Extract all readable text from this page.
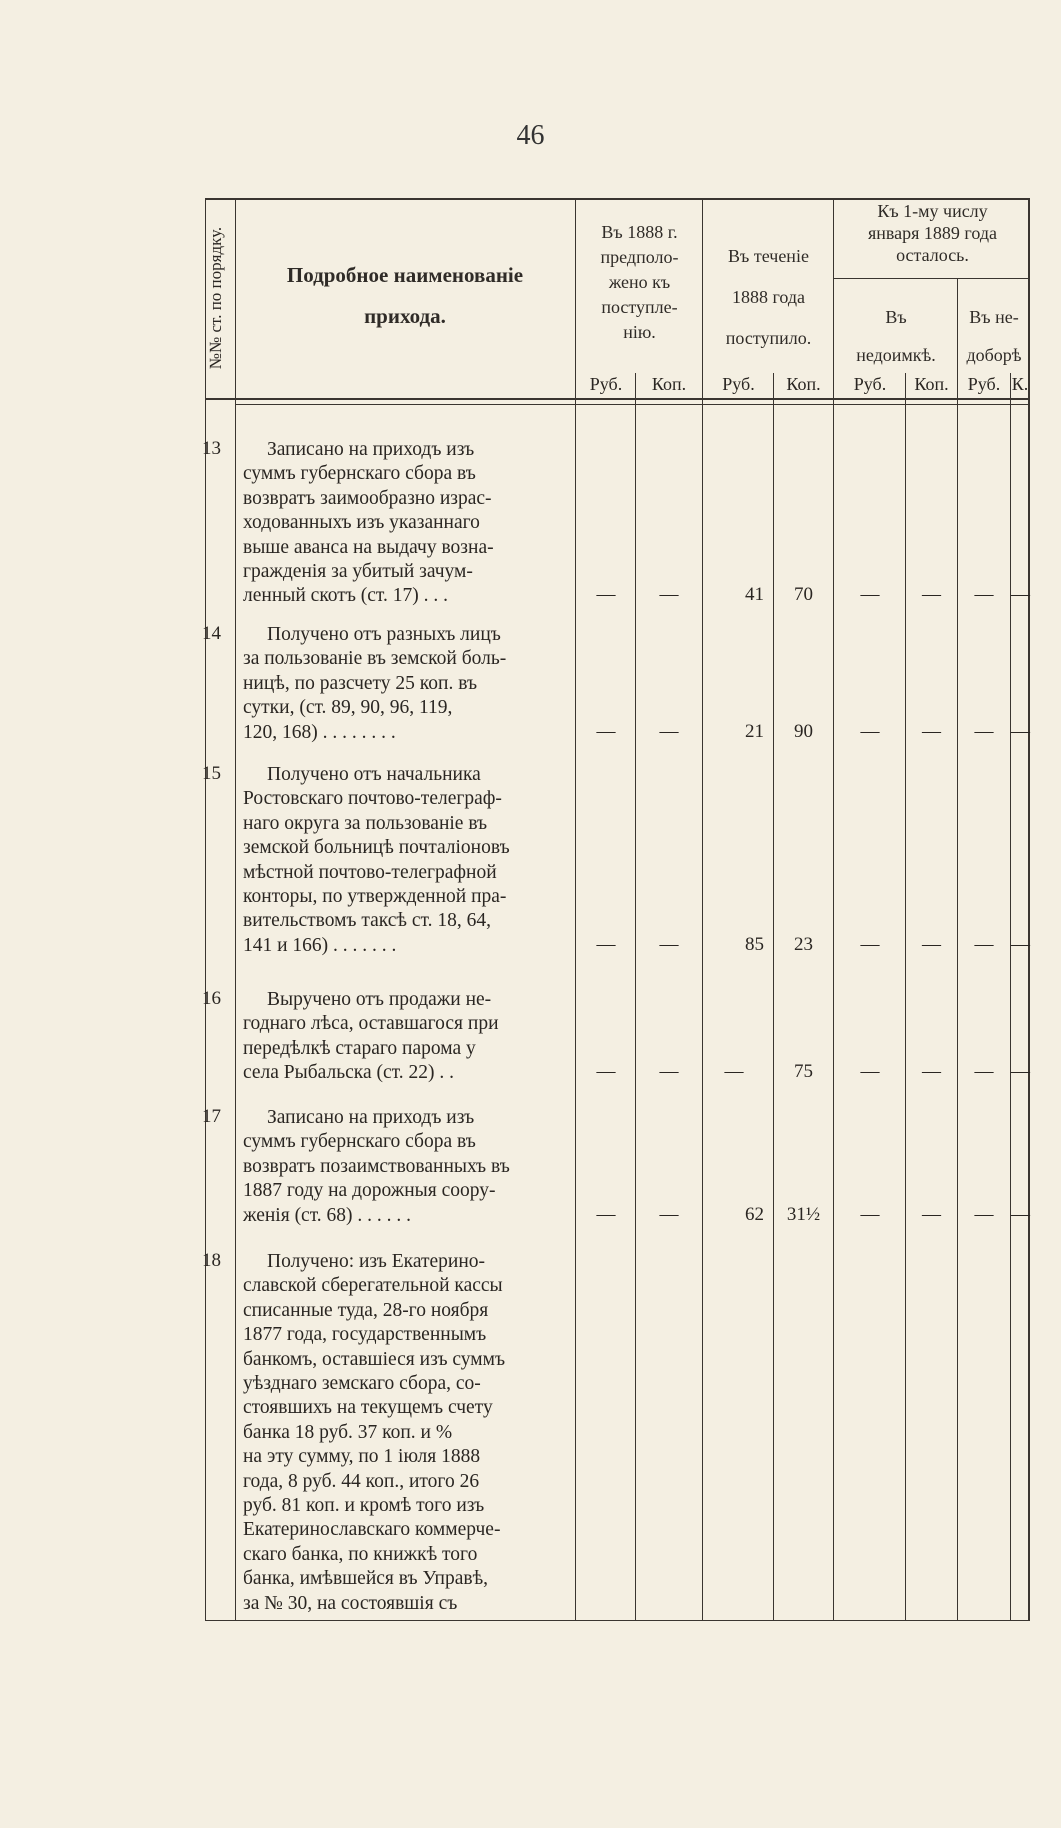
46
№№ ст. по порядку.	Подробное наименованіе
прихода.
Въ 1888 г.
предполо-
жено къ
поступле-
нію.
Въ теченіе
1888 года
поступило.
Къ 1-му числу
января 1889 года
осталось.
Въ
недоимкѣ.
Въ не-
доборѣ
Руб.	Коп.	Руб.	Коп.	Руб.	Коп.	Руб. К.
13	Записано на приходъ изъ
суммъ губернскаго сбора въ
возвратъ заимообразно израс-
ходованныхъ изъ указаннаго
выше аванса на выдачу возна-
гражденія за убитый зачум-
ленный скотъ (ст. 17) . . .	—	—	41	70	—	—	— —
14	Получено отъ разныхъ лицъ
за пользованіе въ земской боль-
ницѣ, по разсчету 25 коп. въ
сутки, (ст. 89, 90, 96, 119,
120, 168) . . . . . . . .	—	—	21	90	—	—	— —
15	Получено отъ начальника
Ростовскаго почтово-телеграф-
наго округа за пользованіе въ
земской больницѣ почталіоновъ
мѣстной почтово-телеграфной
конторы, по утвержденной пра-
вительствомъ таксѣ ст. 18, 64,
141 и 166) . . . . . . .	—	—	85	23	—	—	— —
16	Выручено отъ продажи не-
годнаго лѣса, оставшагося при
передѣлкѣ стараго парома у
села Рыбальска (ст. 22) . .	—	—	—	75	—	—	— —
17	Записано на приходъ изъ
суммъ губернскаго сбора въ
возвратъ позаимствованныхъ въ
1887 году на дорожныя соору-
женія (ст. 68) . . . . . .	—	—	62	31½	—	—	— —
18	Получено: изъ Екатерино-
славской сберегательной кассы
списанные туда, 28-го ноября
1877 года, государственнымъ
банкомъ, оставшіеся изъ суммъ
уѣзднаго земскаго сбора, со-
стоявшихъ на текущемъ счету
банка 18 руб. 37 коп. и %
на эту сумму, по 1 іюля 1888
года, 8 руб. 44 коп., итого 26
руб. 81 коп. и кромѣ того изъ
Екатеринославскаго коммерче-
скаго банка, по книжкѣ того
банка, имѣвшейся въ Управѣ,
за № 30, на состоявшія съ
